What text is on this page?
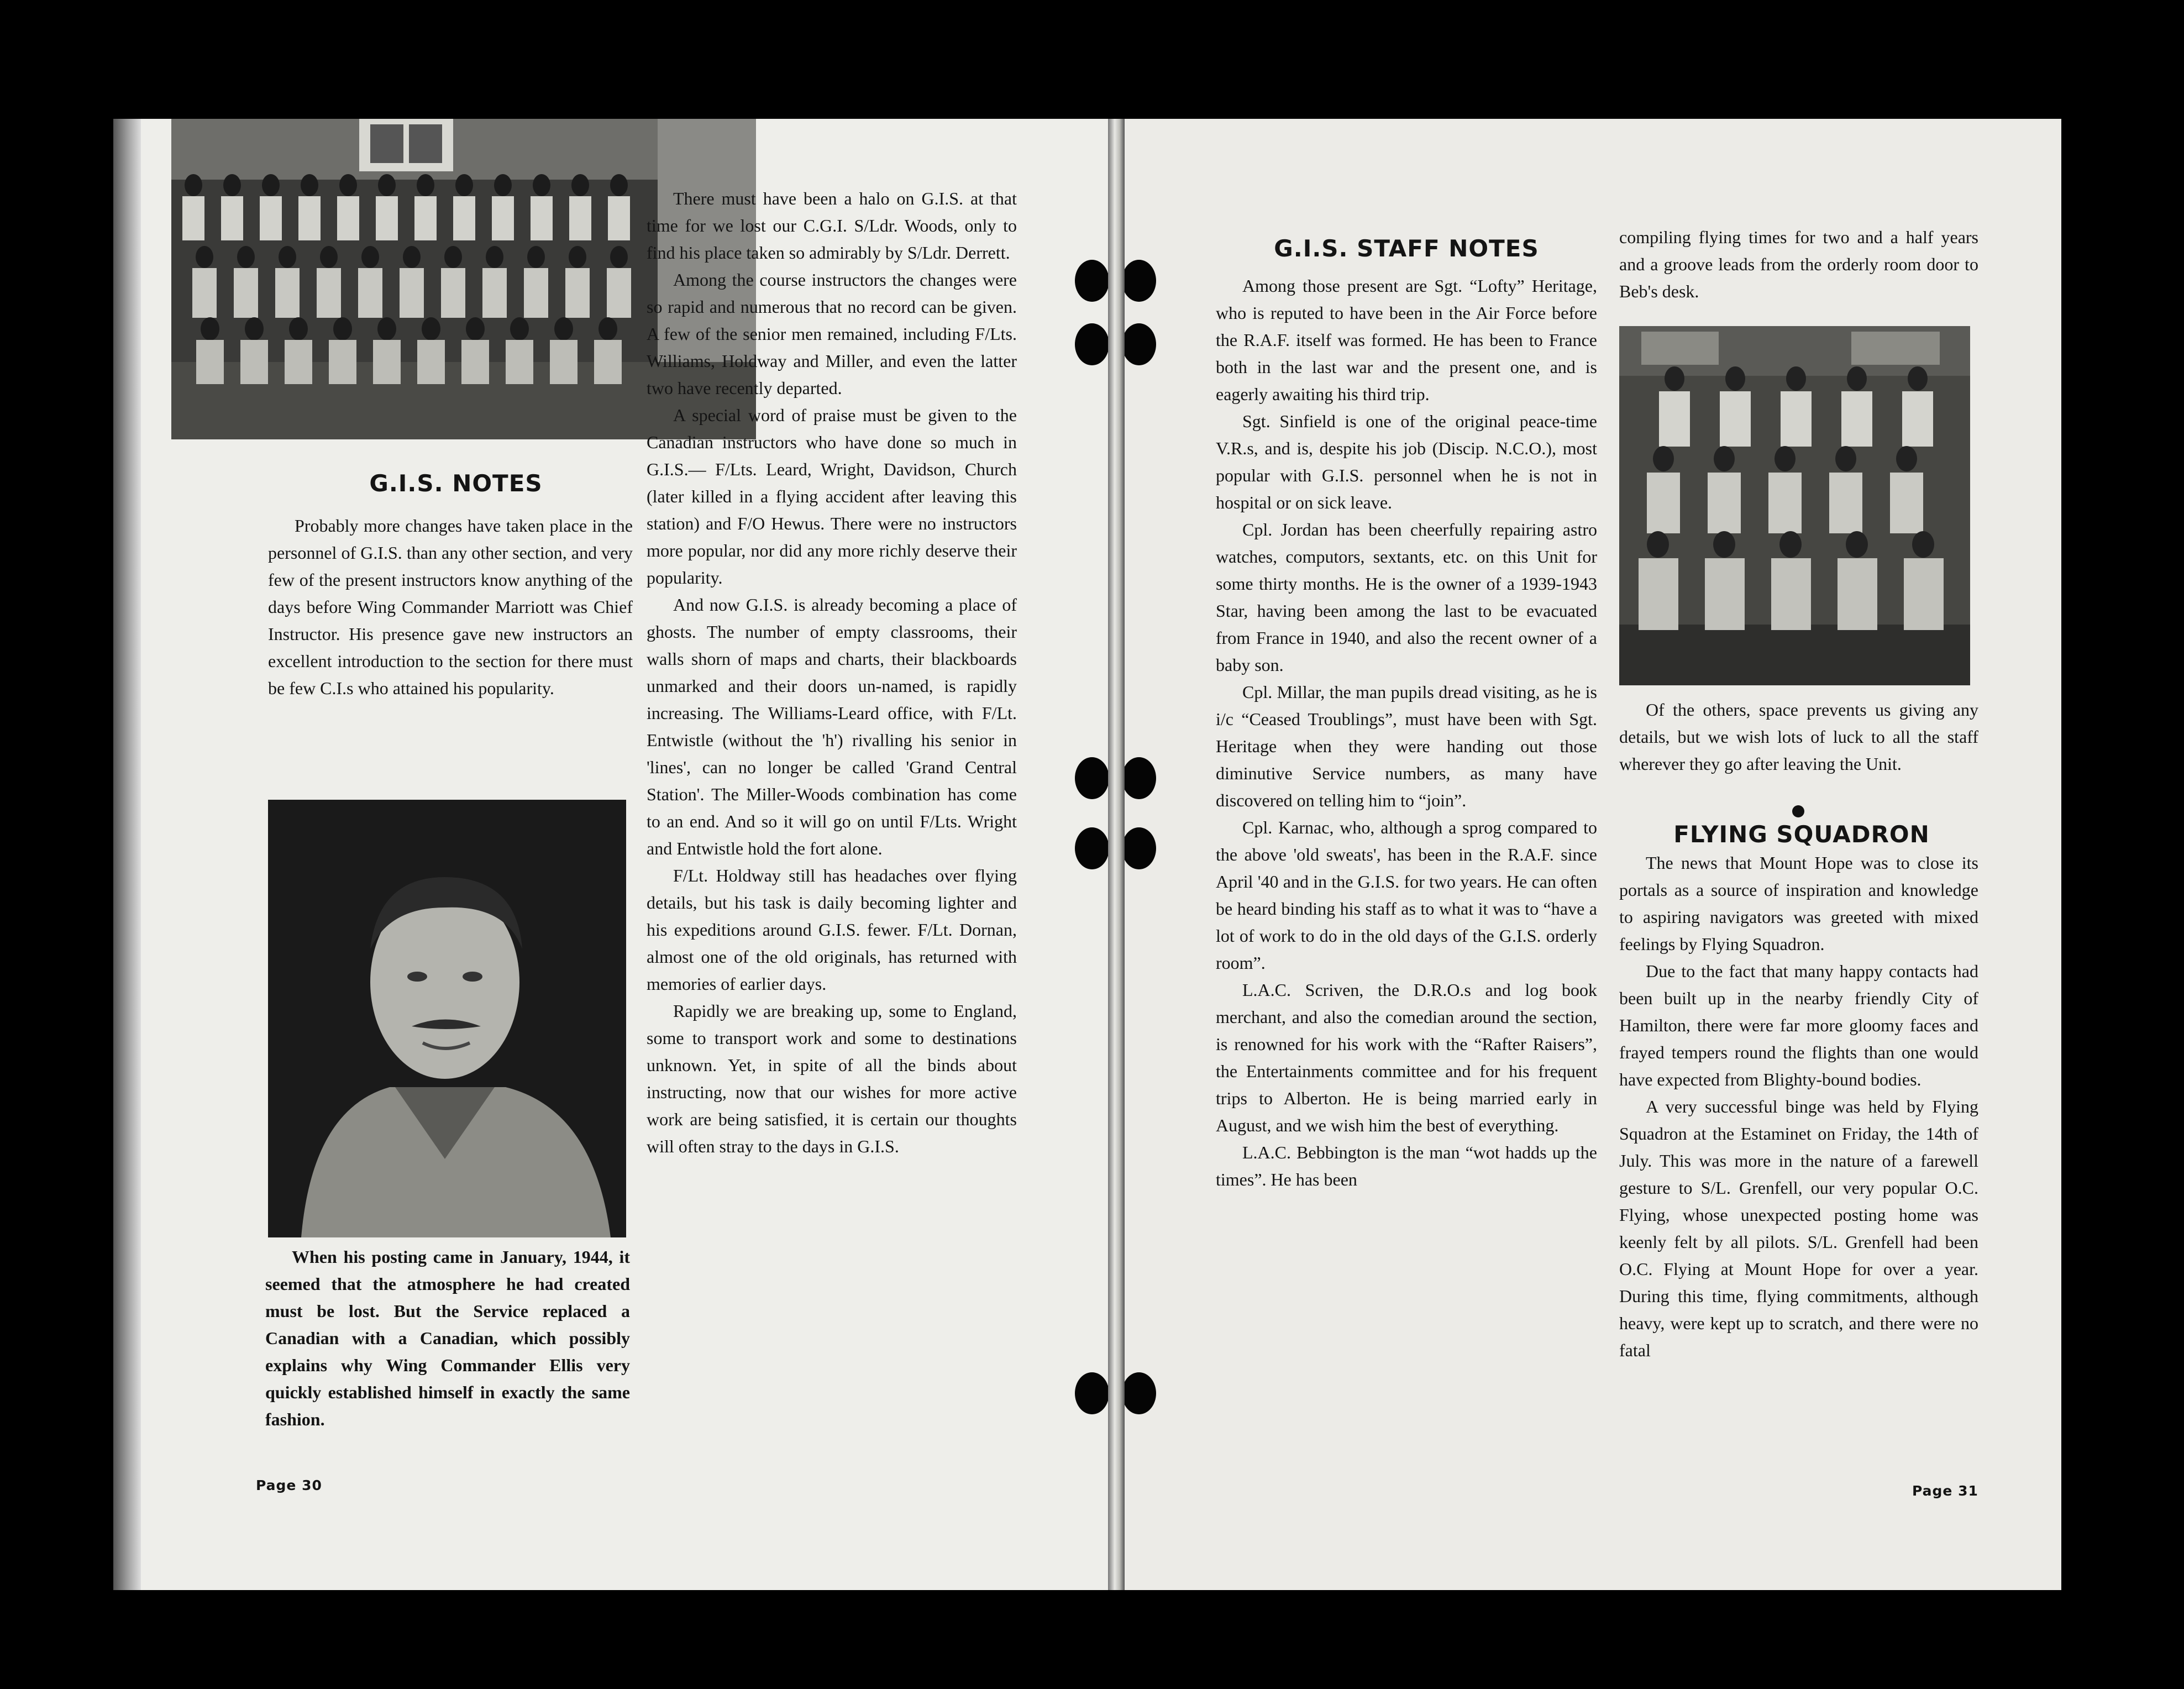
G.I.S. NOTES

Probably more changes have taken place in the personnel of G.I.S. than any other section, and very few of the present instructors know anything of the days before Wing Commander Marriott was Chief Instructor. His presence gave new instructors an excellent introduction to the section for there must be few C.I.s who attained his popularity.

When his posting came in January, 1944, it seemed that the atmosphere he had created must be lost. But the Service replaced a Canadian with a Canadian, which possibly explains why Wing Commander Ellis very quickly established himself in exactly the same fashion.

There must have been a halo on G.I.S. at that time for we lost our C.G.I. S/Ldr. Woods, only to find his place taken so admirably by S/Ldr. Derrett.

Among the course instructors the changes were so rapid and numerous that no record can be given. A few of the senior men remained, including F/Lts. Williams, Holdway and Miller, and even the latter two have recently departed.

A special word of praise must be given to the Canadian instructors who have done so much in G.I.S.— F/Lts. Leard, Wright, Davidson, Church (later killed in a flying accident after leaving this station) and F/O Hewus. There were no instructors more popular, nor did any more richly deserve their popularity.

And now G.I.S. is already becoming a place of ghosts. The number of empty classrooms, their walls shorn of maps and charts, their blackboards unmarked and their doors un-named, is rapidly increasing. The Williams-Leard office, with F/Lt. Entwistle (without the 'h') rivalling his senior in 'lines', can no longer be called 'Grand Central Station'. The Miller-Woods combination has come to an end. And so it will go on until F/Lts. Wright and Entwistle hold the fort alone.

F/Lt. Holdway still has headaches over flying details, but his task is daily becoming lighter and his expeditions around G.I.S. fewer. F/Lt. Dornan, almost one of the old originals, has returned with memories of earlier days.

Rapidly we are breaking up, some to England, some to transport work and some to destinations unknown. Yet, in spite of all the binds about instructing, now that our wishes for more active work are being satisfied, it is certain our thoughts will often stray to the days in G.I.S.

Page 30
G.I.S. STAFF NOTES

Among those present are Sgt. “Lofty” Heritage, who is reputed to have been in the Air Force before the R.A.F. itself was formed. He has been to France both in the last war and the present one, and is eagerly awaiting his third trip.

Sgt. Sinfield is one of the original peace-time V.R.s, and is, despite his job (Discip. N.C.O.), most popular with G.I.S. personnel when he is not in hospital or on sick leave.

Cpl. Jordan has been cheerfully repairing astro watches, computors, sextants, etc. on this Unit for some thirty months. He is the owner of a 1939-1943 Star, having been among the last to be evacuated from France in 1940, and also the recent owner of a baby son.

Cpl. Millar, the man pupils dread visiting, as he is i/c “Ceased Troublings”, must have been with Sgt. Heritage when they were handing out those diminutive Service numbers, as many have discovered on telling him to “join”.

Cpl. Karnac, who, although a sprog compared to the above 'old sweats', has been in the R.A.F. since April '40 and in the G.I.S. for two years. He can often be heard binding his staff as to what it was to “have a lot of work to do in the old days of the G.I.S. orderly room”.

L.A.C. Scriven, the D.R.O.s and log book merchant, and also the comedian around the section, is renowned for his work with the “Rafter Raisers”, the Entertainments committee and for his frequent trips to Alberton. He is being married early in August, and we wish him the best of everything.

L.A.C. Bebbington is the man “wot hadds up the times”. He has been

compiling flying times for two and a half years and a groove leads from the orderly room door to Beb's desk.

Of the others, space prevents us giving any details, but we wish lots of luck to all the staff wherever they go after leaving the Unit.

FLYING SQUADRON

The news that Mount Hope was to close its portals as a source of inspiration and knowledge to aspiring navigators was greeted with mixed feelings by Flying Squadron.

Due to the fact that many happy contacts had been built up in the nearby friendly City of Hamilton, there were far more gloomy faces and frayed tempers round the flights than one would have expected from Blighty-bound bodies.

A very successful binge was held by Flying Squadron at the Estaminet on Friday, the 14th of July. This was more in the nature of a farewell gesture to S/L. Grenfell, our very popular O.C. Flying, whose unexpected posting home was keenly felt by all pilots. S/L. Grenfell had been O.C. Flying at Mount Hope for over a year. During this time, flying commitments, although heavy, were kept up to scratch, and there were no fatal

Page 31
